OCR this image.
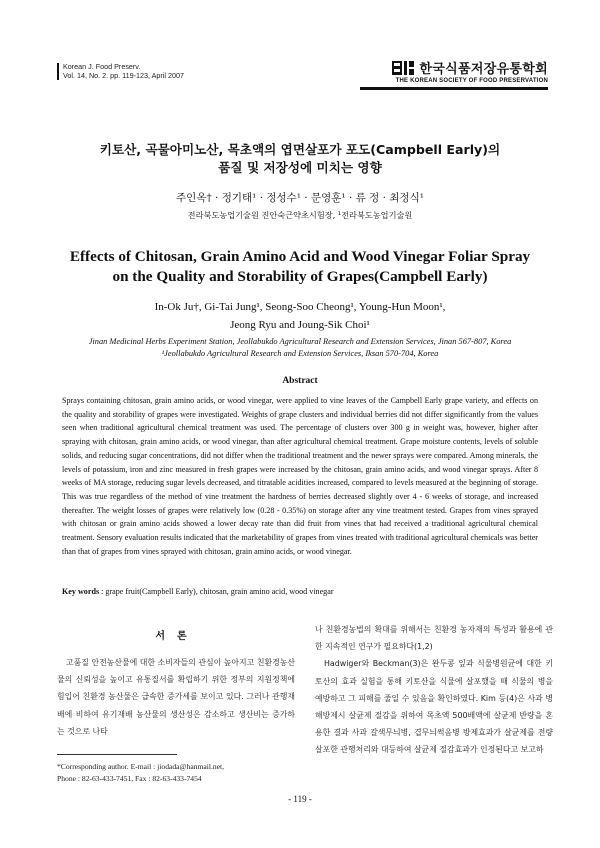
Korean J. Food Preserv.
Vol. 14, No. 2. pp. 119-123, April 2007	한국식품저장유통학회
THE KOREAN SOCIETY OF FOOD PRESERVATION
키토산, 곡물아미노산, 목초액의 엽면살포가 포도(Campbell Early)의
품질 및 저장성에 미치는 영향
주인옥† · 정기태¹ · 정성수¹ · 문영훈¹ · 류 정 · 최정식¹
전라북도농업기술원 진안숙근약초시험장, ¹전라북도농업기술원
Effects of Chitosan, Grain Amino Acid and Wood Vinegar Foliar Spray
on the Quality and Storability of Grapes(Campbell Early)
In-Ok Ju†, Gi-Tai Jung¹, Seong-Soo Cheong¹, Young-Hun Moon¹,
Jeong Ryu and Joung-Sik Choi¹
Jinan Medicinal Herbs Experiment Station, Jeollabukdo Agricultural Research and Extension Services, Jinan 567-807, Korea
¹Jeollabukdo Agricultural Research and Extension Services, Iksan 570-704, Korea
Abstract
Sprays containing chitosan, grain amino acids, or wood vinegar, were applied to vine leaves of the Campbell Early grape variety, and effects on the quality and storability of grapes were investigated. Weights of grape clusters and individual berries did not differ significantly from the values seen when traditional agricultural chemical treatment was used. The percentage of clusters over 300 g in weight was, however, higher after spraying with chitosan, grain amino acids, or wood vinegar, than after agricultural chemical treatment. Grape moisture contents, levels of soluble solids, and reducing sugar concentrations, did not differ when the traditional treatment and the newer sprays were compared. Among minerals, the levels of potassium, iron and zinc measured in fresh grapes were increased by the chitosan, grain amino acids, and wood vinegar sprays. After 8 weeks of MA storage, reducing sugar levels decreased, and titratable acidities increased, compared to levels measured at the beginning of storage. This was true regardless of the method of vine treatment the hardness of berries decreased slightly over 4 - 6 weeks of storage, and increased thereafter. The weight losses of grapes were relatively low (0.28 - 0.35%) on storage after any vine treatment tested. Grapes from vines sprayed with chitosan or grain amino acids showed a lower decay rate than did fruit from vines that had received a traditional agricultural chemical treatment. Sensory evaluation results indicated that the marketability of grapes from vines treated with traditional agricultural chemicals was better than that of grapes from vines sprayed with chitosan, grain amino acids, or wood vinegar.
Key words : grape fruit(Campbell Early), chitosan, grain amino acid, wood vinegar
서론

고품질 안전농산물에 대한 소비자들의 관심이 높아지고 친환경농산물의 신뢰성을 높이고 유통질서를 확립하기 위한 정부의 지원정책에 힘입어 친환경 농산물은 급속한 증가세를 보이고 있다. 그러나 관행재배에 비하여 유기재배 농산물의 생산성은 감소하고 생산비는 증가하는 것으로 나타

나 친환경농법의 확대를 위해서는 친환경 농자재의 특성과 활용에 관한 지속적인 연구가 필요하다(1,2)

Hadwiger와 Beckman(3)은 완두콩 잎과 식물병원균에 대한 키토산의 효과 실험을 통해 키토산을 식물에 살포했을 때 식물의 병을 예방하고 그 피해를 줄일 수 있음을 확인하였다. Kim 등(4)은 사과 병해방제시 살균제 절감을 위하여 목초액 500배액에 살균제 반량을 혼용한 결과 사과 갈색무늬병, 겹무늬썩음병 방제효과가 살균제를 전량 살포한 관행처리와 대등하여 살균제 절감효과가 인정된다고 보고하

*Corresponding author. E-mail : jiodada@hanmail.net,
Phone : 82-63-433-7451, Fax : 82-63-433-7454
- 119 -
